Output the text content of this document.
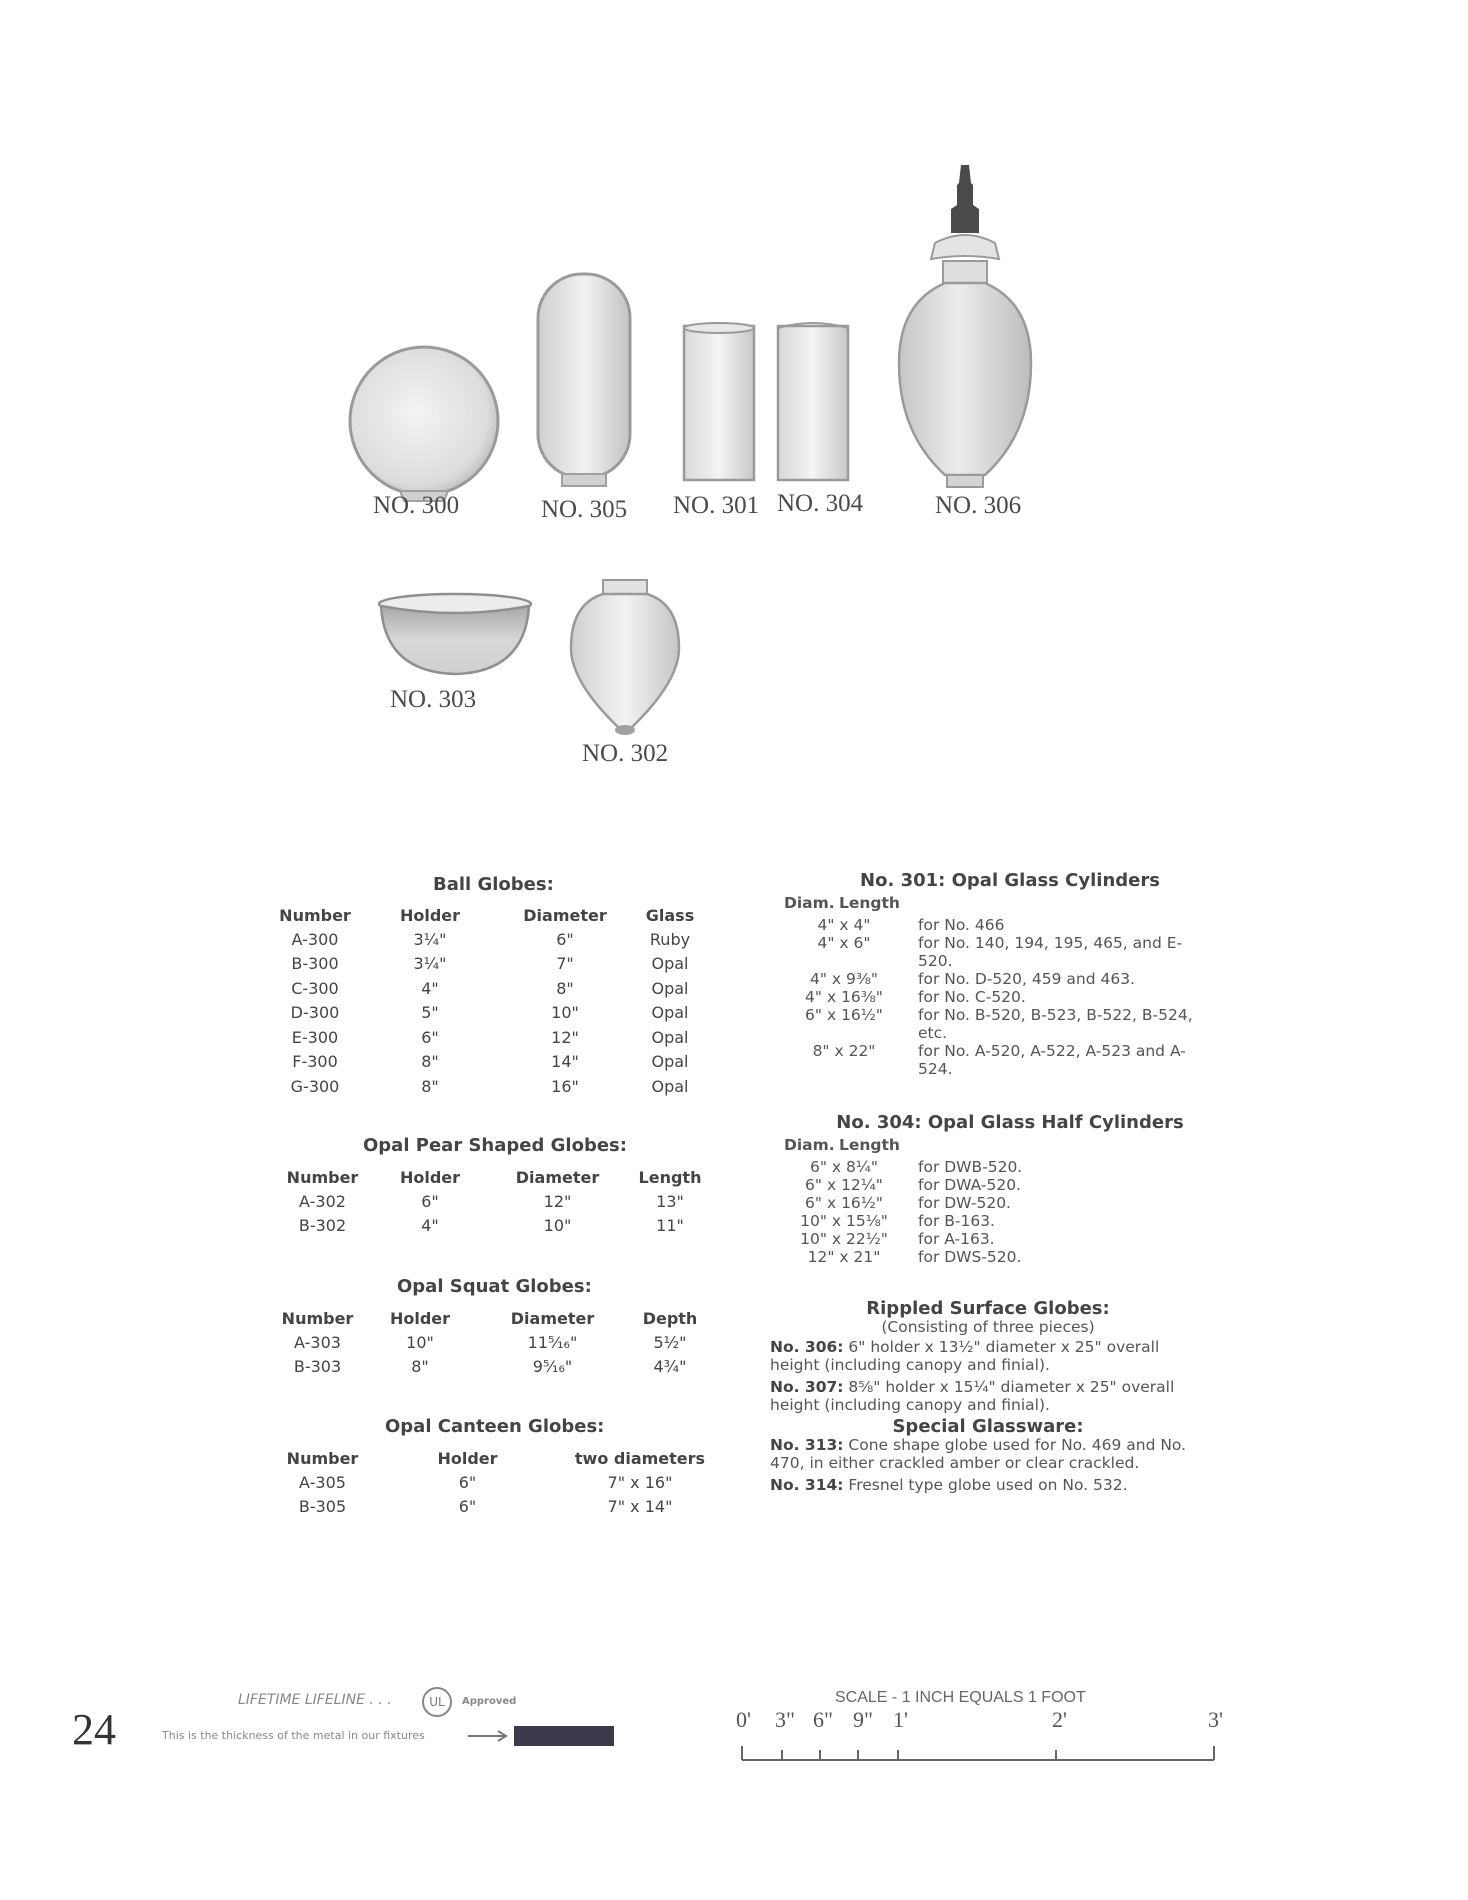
NO. 300	NO. 305 NO. 301 NO. 304	NO. 306
NO. 303
NO. 302
Ball Globes:
Number	Holder	Diameter	Glass
A-300	3¼"	6"	Ruby
B-300	3¼"	7"	Opal
C-300	4"	8"	Opal
D-300	5"	10"	Opal
E-300	6"	12"	Opal
F-300	8"	14"	Opal
G-300	8"	16"	Opal
Opal Pear Shaped Globes:
Number	Holder	Diameter	Length
A-302	6"	12"	13"
B-302	4"	10"	11"
Opal Squat Globes:
Number	Holder	Diameter	Depth
A-303	10"	11⁵⁄₁₆"	5½"
B-303	8"	9⁵⁄₁₆"	4¾"
Opal Canteen Globes:
Number	Holder	two diameters
A-305	6"	7" x 16"
B-305	6"	7" x 14"
No. 301: Opal Glass Cylinders
Diam. Length
4" x 4"	for No. 466
4" x 6"	for No. 140, 194, 195, 465, and E-520.
4" x 9⅜"	for No. D-520, 459 and 463.
4" x 16⅜"	for No. C-520.
6" x 16½"	for No. B-520, B-523, B-522, B-524, etc.
8" x 22"	for No. A-520, A-522, A-523 and A-524.
No. 304: Opal Glass Half Cylinders
Diam. Length
6" x 8¼"	for DWB-520.
6" x 12¼"	for DWA-520.
6" x 16½"	for DW-520.
10" x 15⅛"	for B-163.
10" x 22½"	for A-163.
12" x 21"	for DWS-520.
Rippled Surface Globes:
(Consisting of three pieces)
No. 306: 6" holder x 13½" diameter x 25" overall height (including canopy and finial).
No. 307: 8⅝" holder x 15¼" diameter x 25" overall height (including canopy and finial).
Special Glassware:
No. 313: Cone shape globe used for No. 469 and No. 470, in either crackled amber or clear crackled.
No. 314: Fresnel type globe used on No. 532.
24
LIFETIME LIFELINE . . .	UL	Approved
This is the thickness of the metal in our fixtures
SCALE - 1 INCH EQUALS 1 FOOT
0' 3" 6" 9" 1'	2'	3'
